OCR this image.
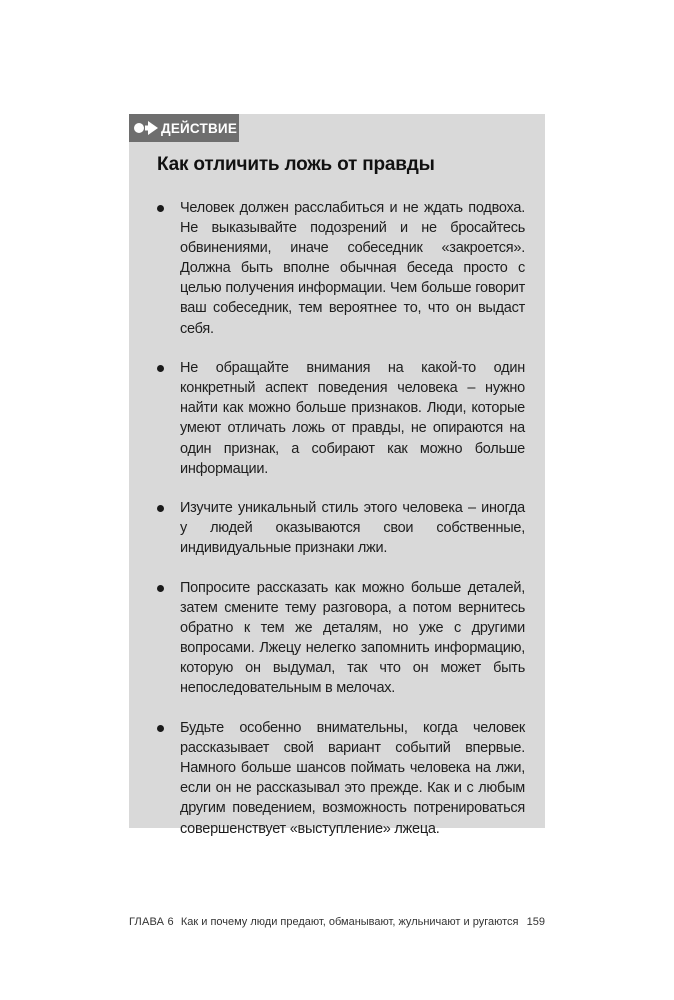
ДЕЙСТВИЕ
Как отличить ложь от правды
Человек должен расслабиться и не ждать подвоха. Не выказывайте подозрений и не бросайтесь обвинениями, иначе собеседник «закроется». Должна быть вполне обычная беседа просто с целью получения информации. Чем больше говорит ваш собеседник, тем вероятнее то, что он выдаст себя.
Не обращайте внимания на какой-то один конкретный аспект поведения человека – нужно найти как можно больше признаков. Люди, которые умеют отличать ложь от правды, не опираются на один признак, а собирают как можно больше информации.
Изучите уникальный стиль этого человека – иногда у людей оказываются свои собственные, индивидуальные признаки лжи.
Попросите рассказать как можно больше деталей, затем смените тему разговора, а потом вернитесь обратно к тем же деталям, но уже с другими вопросами. Лжецу нелегко запомнить информацию, которую он выдумал, так что он может быть непоследовательным в мелочах.
Будьте особенно внимательны, когда человек рассказывает свой вариант событий впервые. Намного больше шансов поймать человека на лжи, если он не рассказывал это прежде. Как и с любым другим поведением, возможность потренироваться совершенствует «выступление» лжеца.
ГЛАВА 6 Как и почему люди предают, обманывают, жульничают и ругаются 159
